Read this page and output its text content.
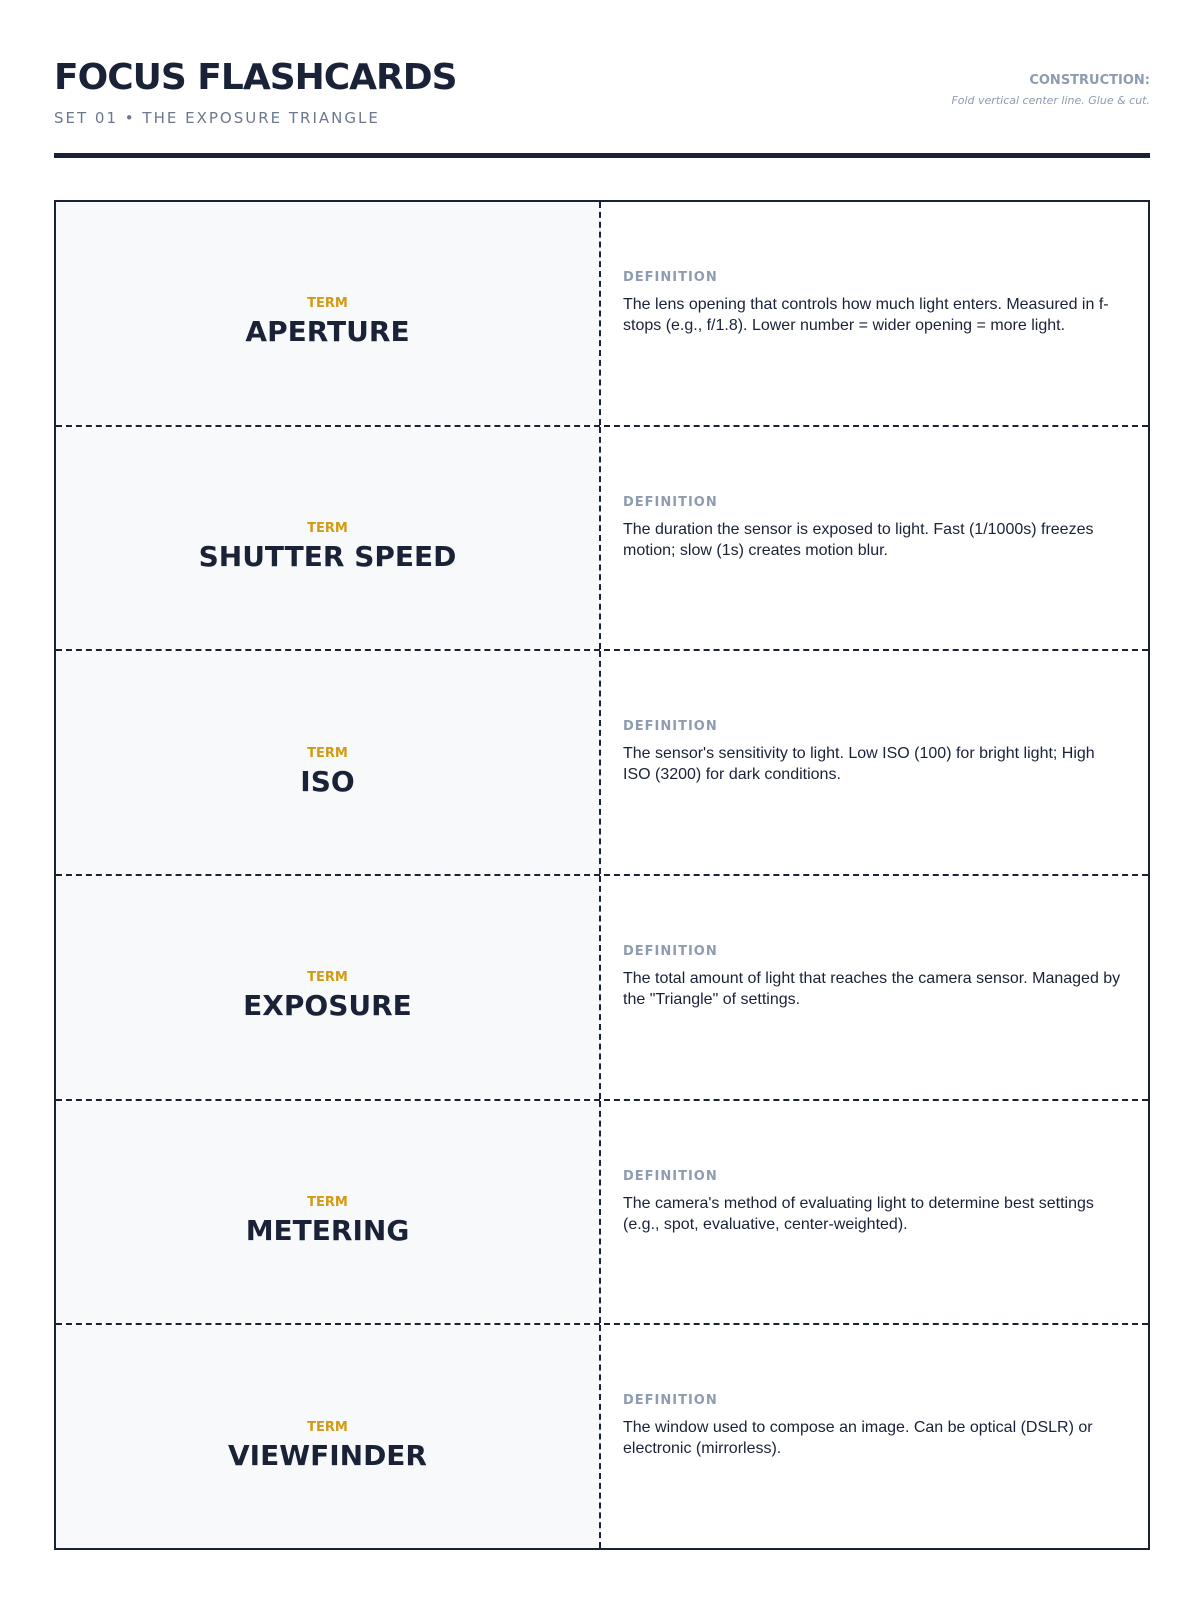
FOCUS FLASHCARDS
SET 01 • THE EXPOSURE TRIANGLE
CONSTRUCTION:
Fold vertical center line. Glue & cut.
TERM
APERTURE
DEFINITION
The lens opening that controls how much light enters. Measured in f-stops (e.g., f/1.8). Lower number = wider opening = more light.
TERM
SHUTTER SPEED
DEFINITION
The duration the sensor is exposed to light. Fast (1/1000s) freezes motion; slow (1s) creates motion blur.
TERM
ISO
DEFINITION
The sensor's sensitivity to light. Low ISO (100) for bright light; High ISO (3200) for dark conditions.
TERM
EXPOSURE
DEFINITION
The total amount of light that reaches the camera sensor. Managed by the "Triangle" of settings.
TERM
METERING
DEFINITION
The camera's method of evaluating light to determine best settings (e.g., spot, evaluative, center-weighted).
TERM
VIEWFINDER
DEFINITION
The window used to compose an image. Can be optical (DSLR) or electronic (mirrorless).
